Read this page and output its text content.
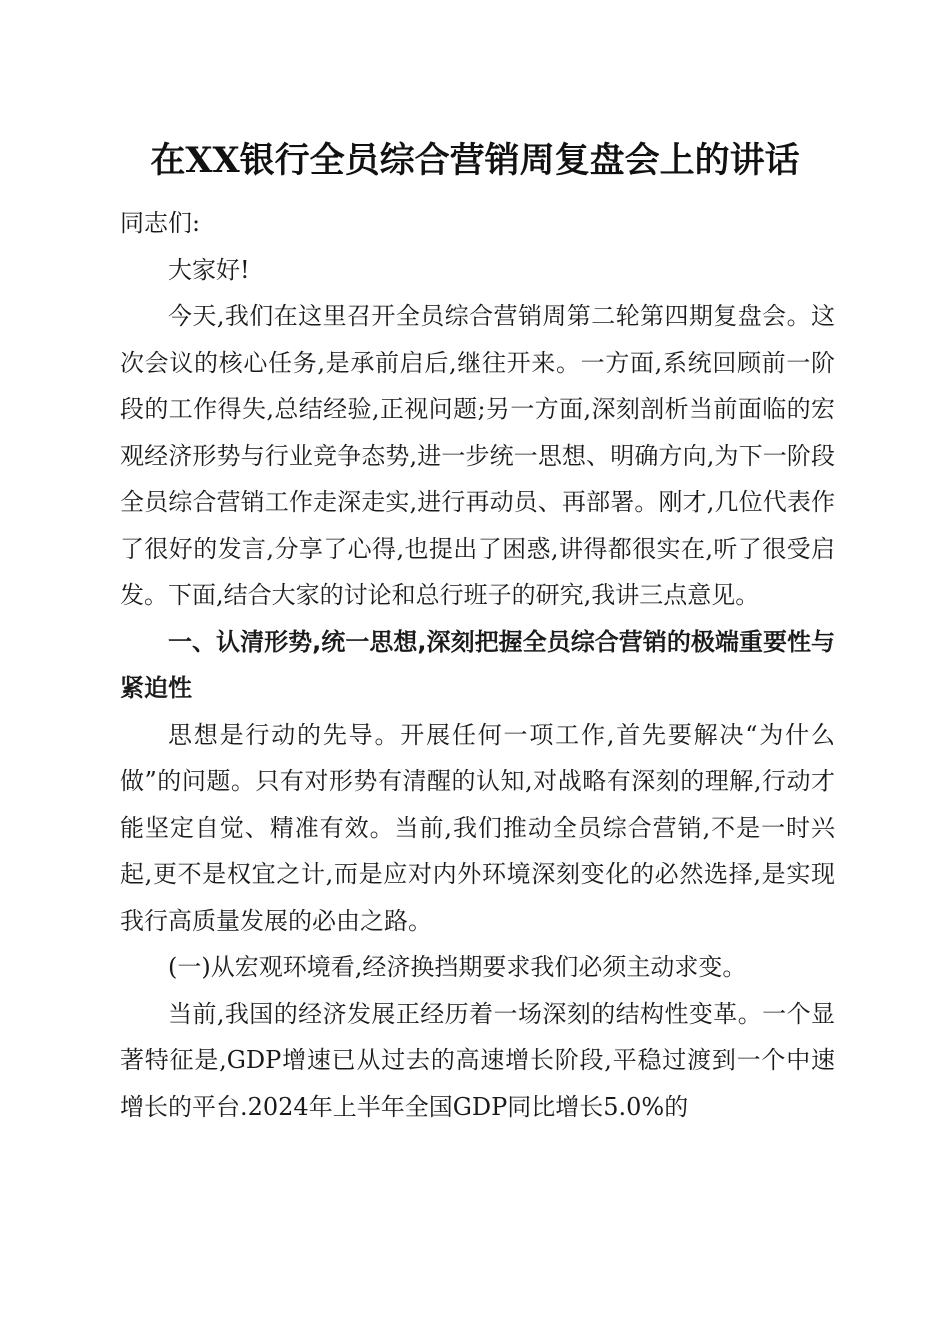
在XX银行全员综合营销周复盘会上的讲话

同志们:

大家好!

今天,我们在这里召开全员综合营销周第二轮第四期复盘会。这次会议的核心任务,是承前启后,继往开来。一方面,系统回顾前一阶段的工作得失,总结经验,正视问题;另一方面,深刻剖析当前面临的宏观经济形势与行业竞争态势,进一步统一思想、明确方向,为下一阶段全员综合营销工作走深走实,进行再动员、再部署。刚才,几位代表作了很好的发言,分享了心得,也提出了困惑,讲得都很实在,听了很受启发。下面,结合大家的讨论和总行班子的研究,我讲三点意见。

一、认清形势,统一思想,深刻把握全员综合营销的极端重要性与紧迫性

思想是行动的先导。开展任何一项工作,首先要解决“为什么做”的问题。只有对形势有清醒的认知,对战略有深刻的理解,行动才能坚定自觉、精准有效。当前,我们推动全员综合营销,不是一时兴起,更不是权宜之计,而是应对内外环境深刻变化的必然选择,是实现我行高质量发展的必由之路。

(一)从宏观环境看,经济换挡期要求我们必须主动求变。

当前,我国的经济发展正经历着一场深刻的结构性变革。一个显著特征是,GDP增速已从过去的高速增长阶段,平稳过渡到一个中速增长的平台.2024年上半年全国GDP同比增长5.0%的
